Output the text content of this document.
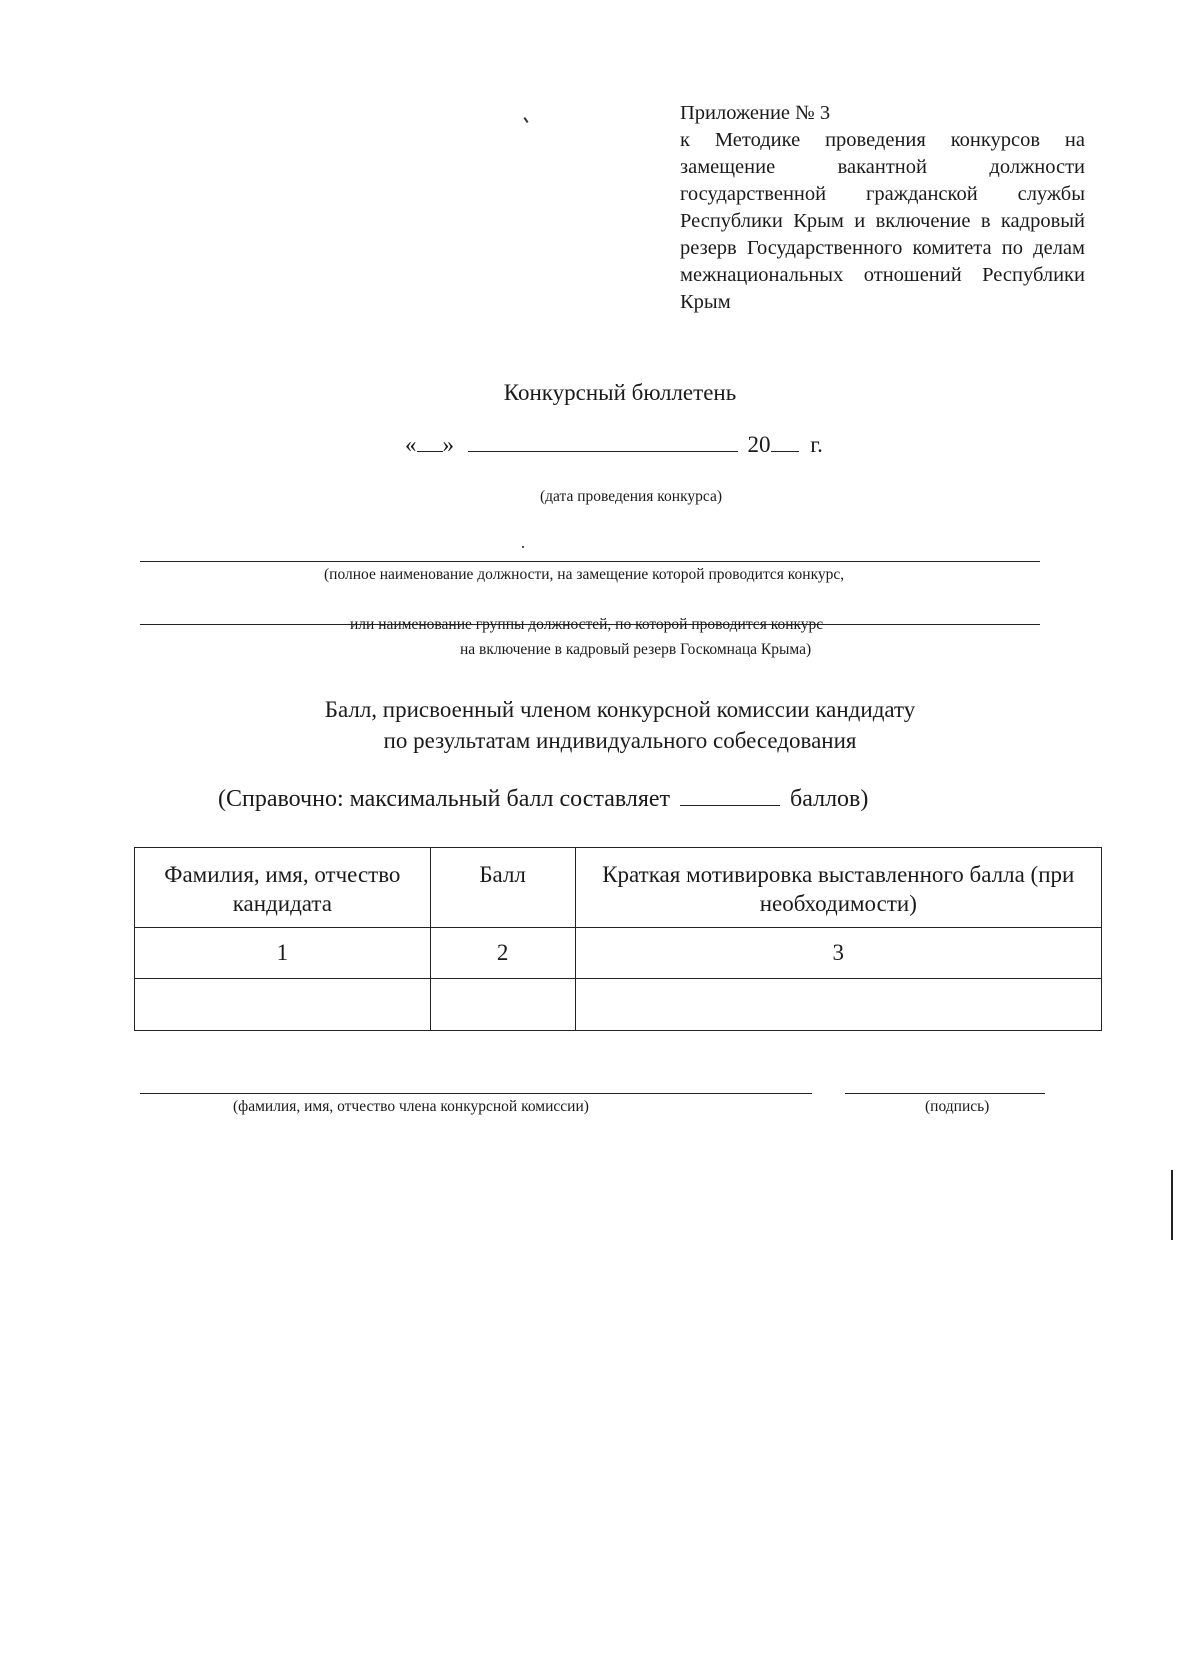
Приложение № 3
к Методике проведения конкурсов на замещение вакантной должности государственной гражданской службы Республики Крым и включение в кадровый резерв Государственного комитета по делам межнациональных отношений Республики Крым
Конкурсный бюллетень
« »	20 г.
(дата проведения конкурса)
(полное наименование должности, на замещение которой проводится конкурс,
или наименование группы должностей, по которой проводится конкурс
на включение в кадровый резерв Госкомнаца Крыма)
Балл, присвоенный членом конкурсной комиссии кандидату
по результатам индивидуального собеседования
(Справочно: максимальный балл составляет	баллов)
Фамилия, имя, отчество кандидата	Балл	Краткая мотивировка выставленного балла (при необходимости)
1	2	3

(фамилия, имя, отчество члена конкурсной комиссии)	(подпись)
